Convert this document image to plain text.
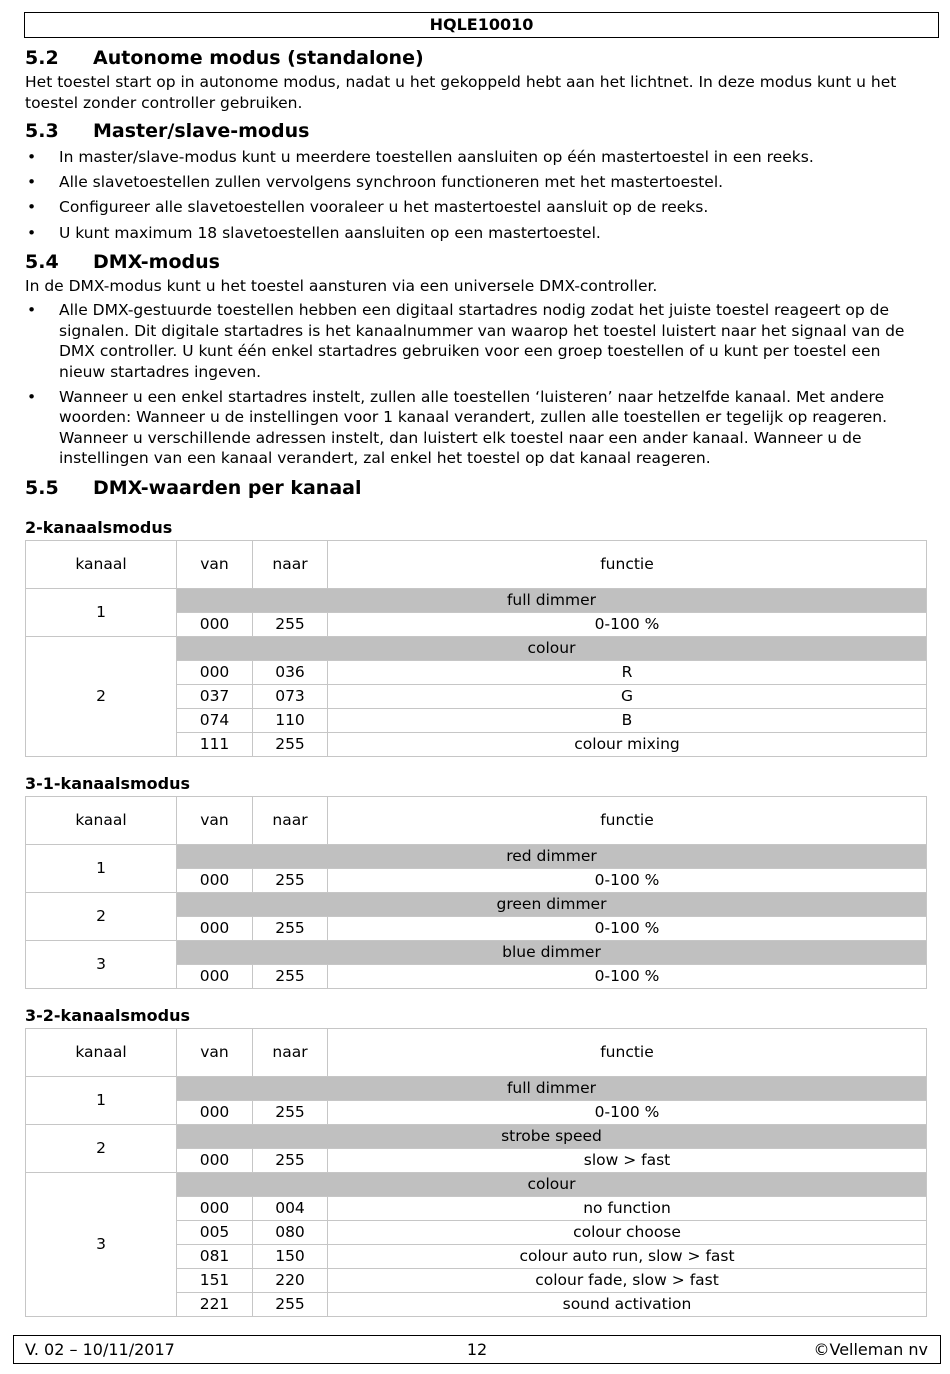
HQLE10010
5.2	Autonome modus (standalone)

Het toestel start op in autonome modus, nadat u het gekoppeld hebt aan het lichtnet. In deze modus kunt u het toestel zonder controller gebruiken.

5.3	Master/slave-modus
• In master/slave-modus kunt u meerdere toestellen aansluiten op één mastertoestel in een reeks.
• Alle slavetoestellen zullen vervolgens synchroon functioneren met het mastertoestel.
• Configureer alle slavetoestellen vooraleer u het mastertoestel aansluit op de reeks.
• U kunt maximum 18 slavetoestellen aansluiten op een mastertoestel.
5.4	DMX-modus

In de DMX-modus kunt u het toestel aansturen via een universele DMX-controller.

• Alle DMX-gestuurde toestellen hebben een digitaal startadres nodig zodat het juiste toestel reageert op de signalen. Dit digitale startadres is het kanaalnummer van waarop het toestel luistert naar het signaal van de DMX controller. U kunt één enkel startadres gebruiken voor een groep toestellen of u kunt per toestel een nieuw startadres ingeven.
• Wanneer u een enkel startadres instelt, zullen alle toestellen ‘luisteren’ naar hetzelfde kanaal. Met andere woorden: Wanneer u de instellingen voor 1 kanaal verandert, zullen alle toestellen er tegelijk op reageren. Wanneer u verschillende adressen instelt, dan luistert elk toestel naar een ander kanaal. Wanneer u de instellingen van een kanaal verandert, zal enkel het toestel op dat kanaal reageren.
5.5	DMX-waarden per kanaal
2-kanaalsmodus
kanaal	van	naar	functie
1	full dimmer		
	000	255	0-100 %
2	colour		
	000	036	R
	037	073	G
	074	110	B
	111	255	colour mixing
3-1-kanaalsmodus
kanaal	van	naar	functie
1	red dimmer		
	000	255	0-100 %
2	green dimmer		
	000	255	0-100 %
3	blue dimmer		
	000	255	0-100 %
3-2-kanaalsmodus
kanaal	van	naar	functie
1	full dimmer		
	000	255	0-100 %
2	strobe speed		
	000	255	slow > fast
3	colour		
	000	004	no function
	005	080	colour choose
	081	150	colour auto run, slow > fast
	151	220	colour fade, slow > fast
	221	255	sound activation
V. 02 – 10/11/2017	12	©Velleman nv
